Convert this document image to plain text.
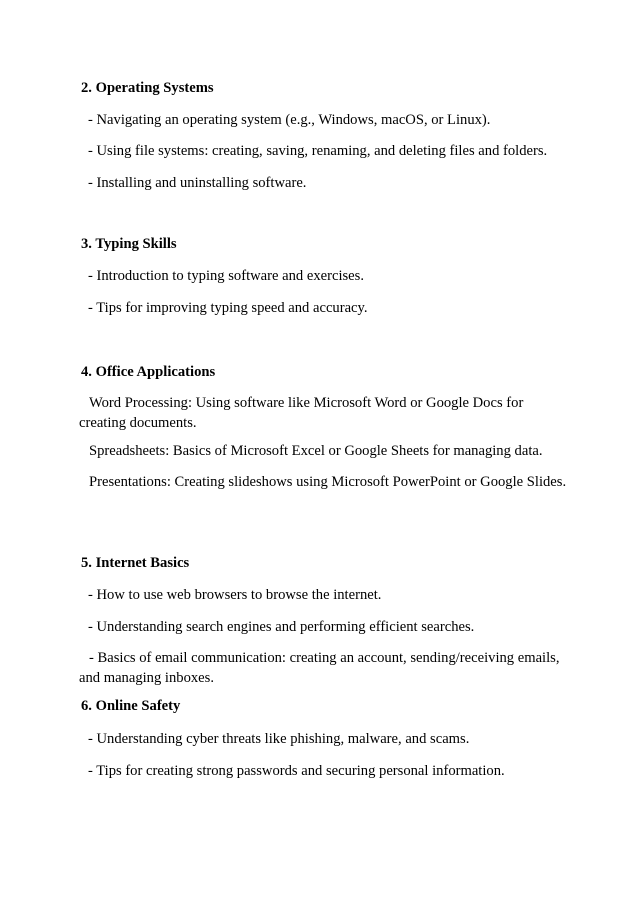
2. Operating Systems
- Navigating an operating system (e.g., Windows, macOS, or Linux).
- Using file systems: creating, saving, renaming, and deleting files and folders.
- Installing and uninstalling software.
3. Typing Skills
- Introduction to typing software and exercises.
- Tips for improving typing speed and accuracy.
4. Office Applications
Word Processing: Using software like Microsoft Word or Google Docs for creating documents.
Spreadsheets: Basics of Microsoft Excel or Google Sheets for managing data.
Presentations: Creating slideshows using Microsoft PowerPoint or Google Slides.
5. Internet Basics
- How to use web browsers to browse the internet.
- Understanding search engines and performing efficient searches.
- Basics of email communication: creating an account, sending/receiving emails, and managing inboxes.
6. Online Safety
- Understanding cyber threats like phishing, malware, and scams.
- Tips for creating strong passwords and securing personal information.
